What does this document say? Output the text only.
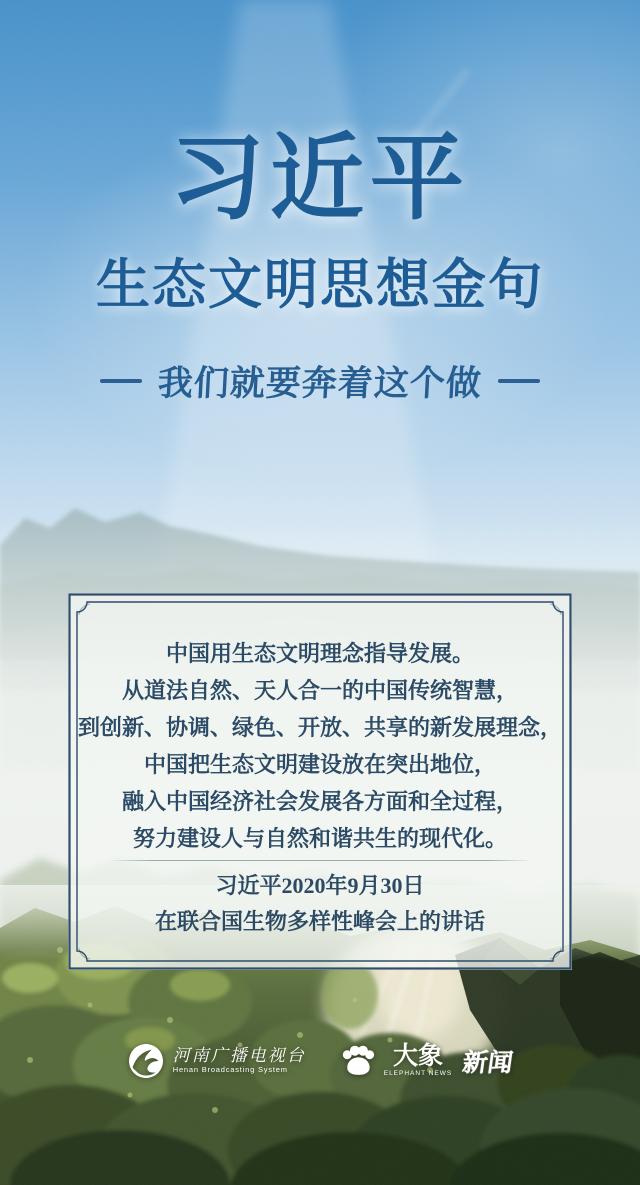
习近平
生态文明思想金句
我们就要奔着这个做
中国用生态文明理念指导发展。
从道法自然、天人合一的中国传统智慧，
到创新、协调、绿色、开放、共享的新发展理念，
中国把生态文明建设放在突出地位，
融入中国经济社会发展各方面和全过程，
努力建设人与自然和谐共生的现代化。
习近平2020年9月30日
在联合国生物多样性峰会上的讲话
河南广播电视台
Henan Broadcasting System	大象
ELEPHANT NEWS 新闻
